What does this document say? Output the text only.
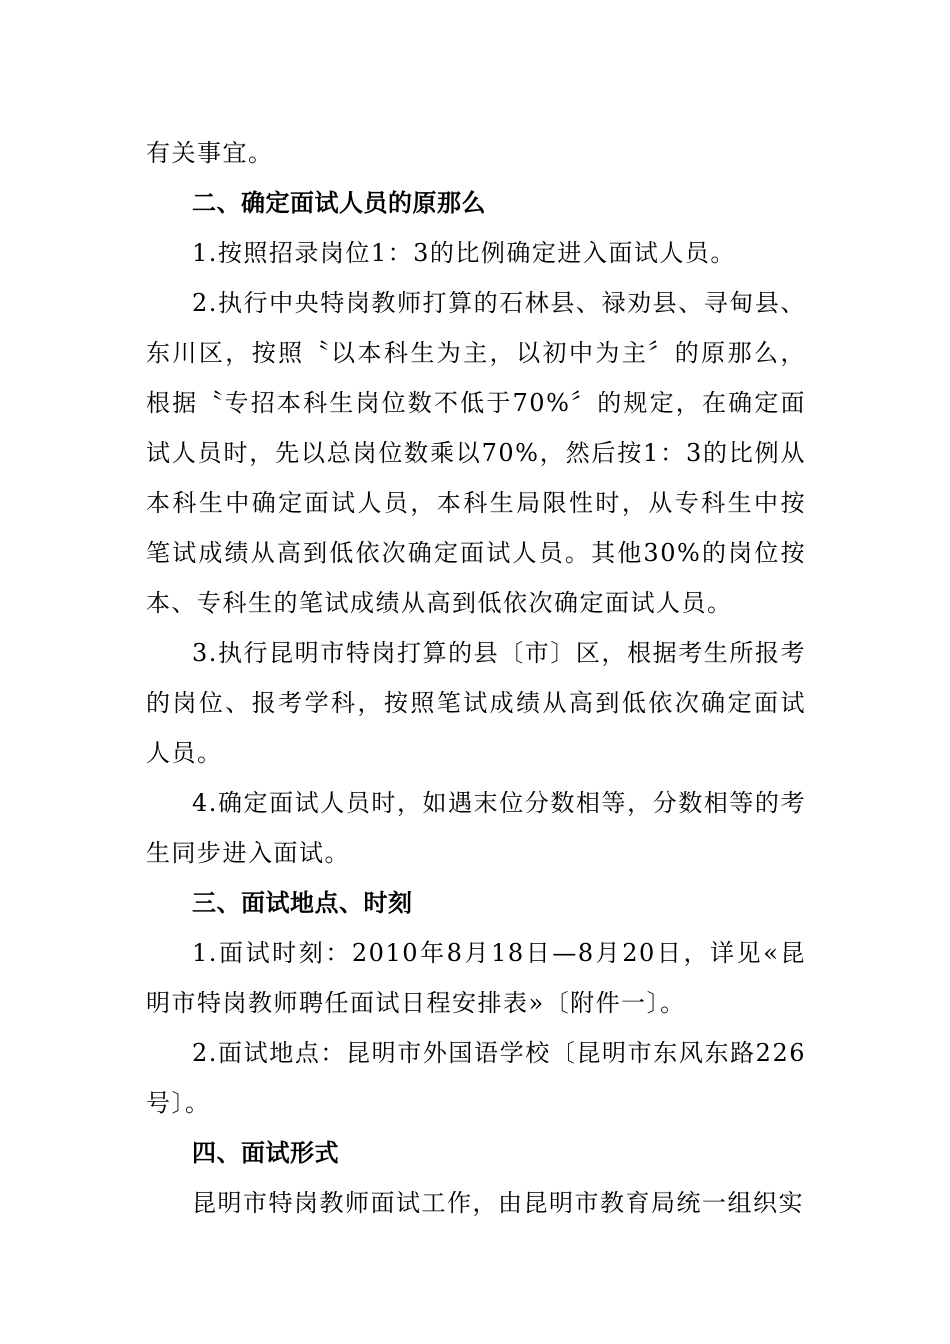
有关事宜。

二、确定面试人员的原那么

1.按照招录岗位1：3的比例确定进入面试人员。

2.执行中央特岗教师打算的石林县、禄劝县、寻甸县、东川区，按照〝以本科生为主，以初中为主〞的原那么，根据〝专招本科生岗位数不低于70%〞的规定，在确定面试人员时，先以总岗位数乘以70%，然后按1：3的比例从本科生中确定面试人员，本科生局限性时，从专科生中按笔试成绩从高到低依次确定面试人员。其他30%的岗位按本、专科生的笔试成绩从高到低依次确定面试人员。

3.执行昆明市特岗打算的县〔市〕区，根据考生所报考的岗位、报考学科，按照笔试成绩从高到低依次确定面试人员。

4.确定面试人员时，如遇末位分数相等，分数相等的考生同步进入面试。

三、面试地点、时刻

1.面试时刻：2010年8月18日—8月20日，详见«昆明市特岗教师聘任面试日程安排表»〔附件一〕。

2.面试地点：昆明市外国语学校〔昆明市东风东路226号〕。

四、面试形式

昆明市特岗教师面试工作，由昆明市教育局统一组织实
